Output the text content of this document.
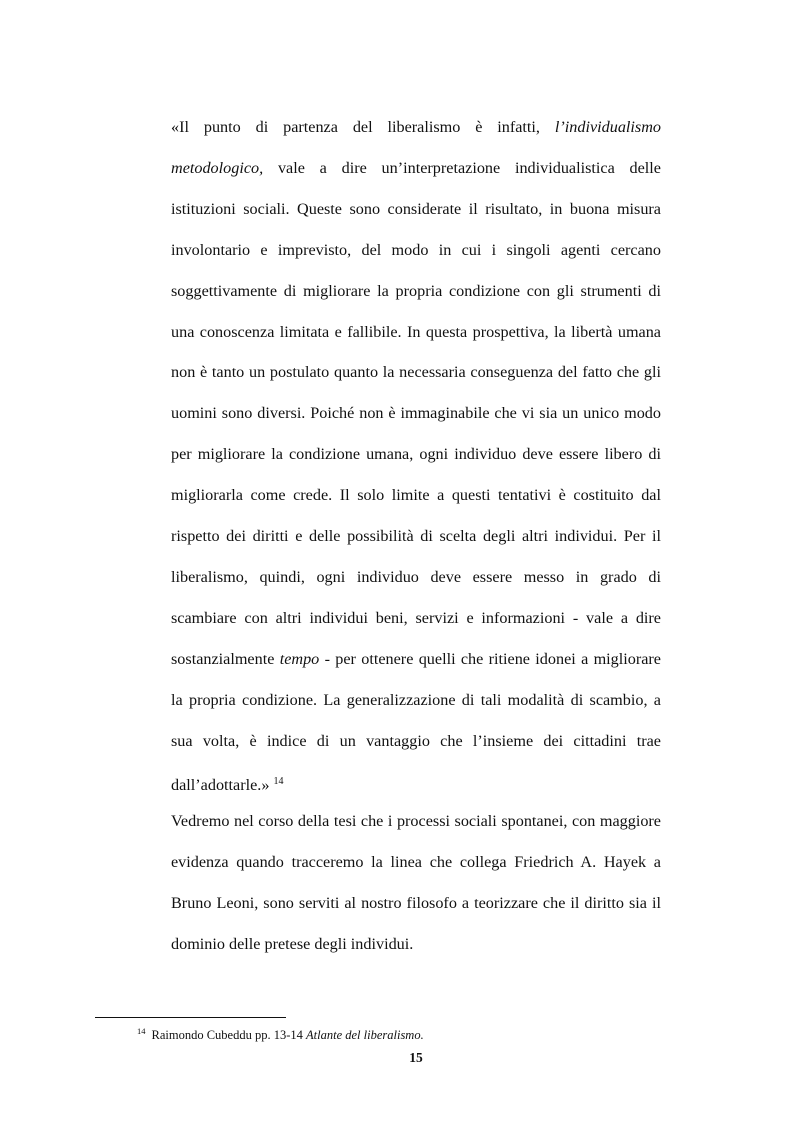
«Il punto di partenza del liberalismo è infatti, l’individualismo metodologico, vale a dire un’interpretazione individualistica delle istituzioni sociali. Queste sono considerate il risultato, in buona misura involontario e imprevisto, del modo in cui i singoli agenti cercano soggettivamente di migliorare la propria condizione con gli strumenti di una conoscenza limitata e fallibile. In questa prospettiva, la libertà umana non è tanto un postulato quanto la necessaria conseguenza del fatto che gli uomini sono diversi. Poiché non è immaginabile che vi sia un unico modo per migliorare la condizione umana, ogni individuo deve essere libero di migliorarla come crede. Il solo limite a questi tentativi è costituito dal rispetto dei diritti e delle possibilità di scelta degli altri individui. Per il liberalismo, quindi, ogni individuo deve essere messo in grado di scambiare con altri individui beni, servizi e informazioni - vale a dire sostanzialmente tempo - per ottenere quelli che ritiene idonei a migliorare la propria condizione. La generalizzazione di tali modalità di scambio, a sua volta, è indice di un vantaggio che l’insieme dei cittadini trae dall’adottarle.» $^{14}$

Vedremo nel corso della tesi che i processi sociali spontanei, con maggiore evidenza quando tracceremo la linea che collega Friedrich A. Hayek a Bruno Leoni, sono serviti al nostro filosofo a teorizzare che il diritto sia il dominio delle pretese degli individui.

$^{14}$ Raimondo Cubeddu pp. 13-14 Atlante del liberalismo.
15
